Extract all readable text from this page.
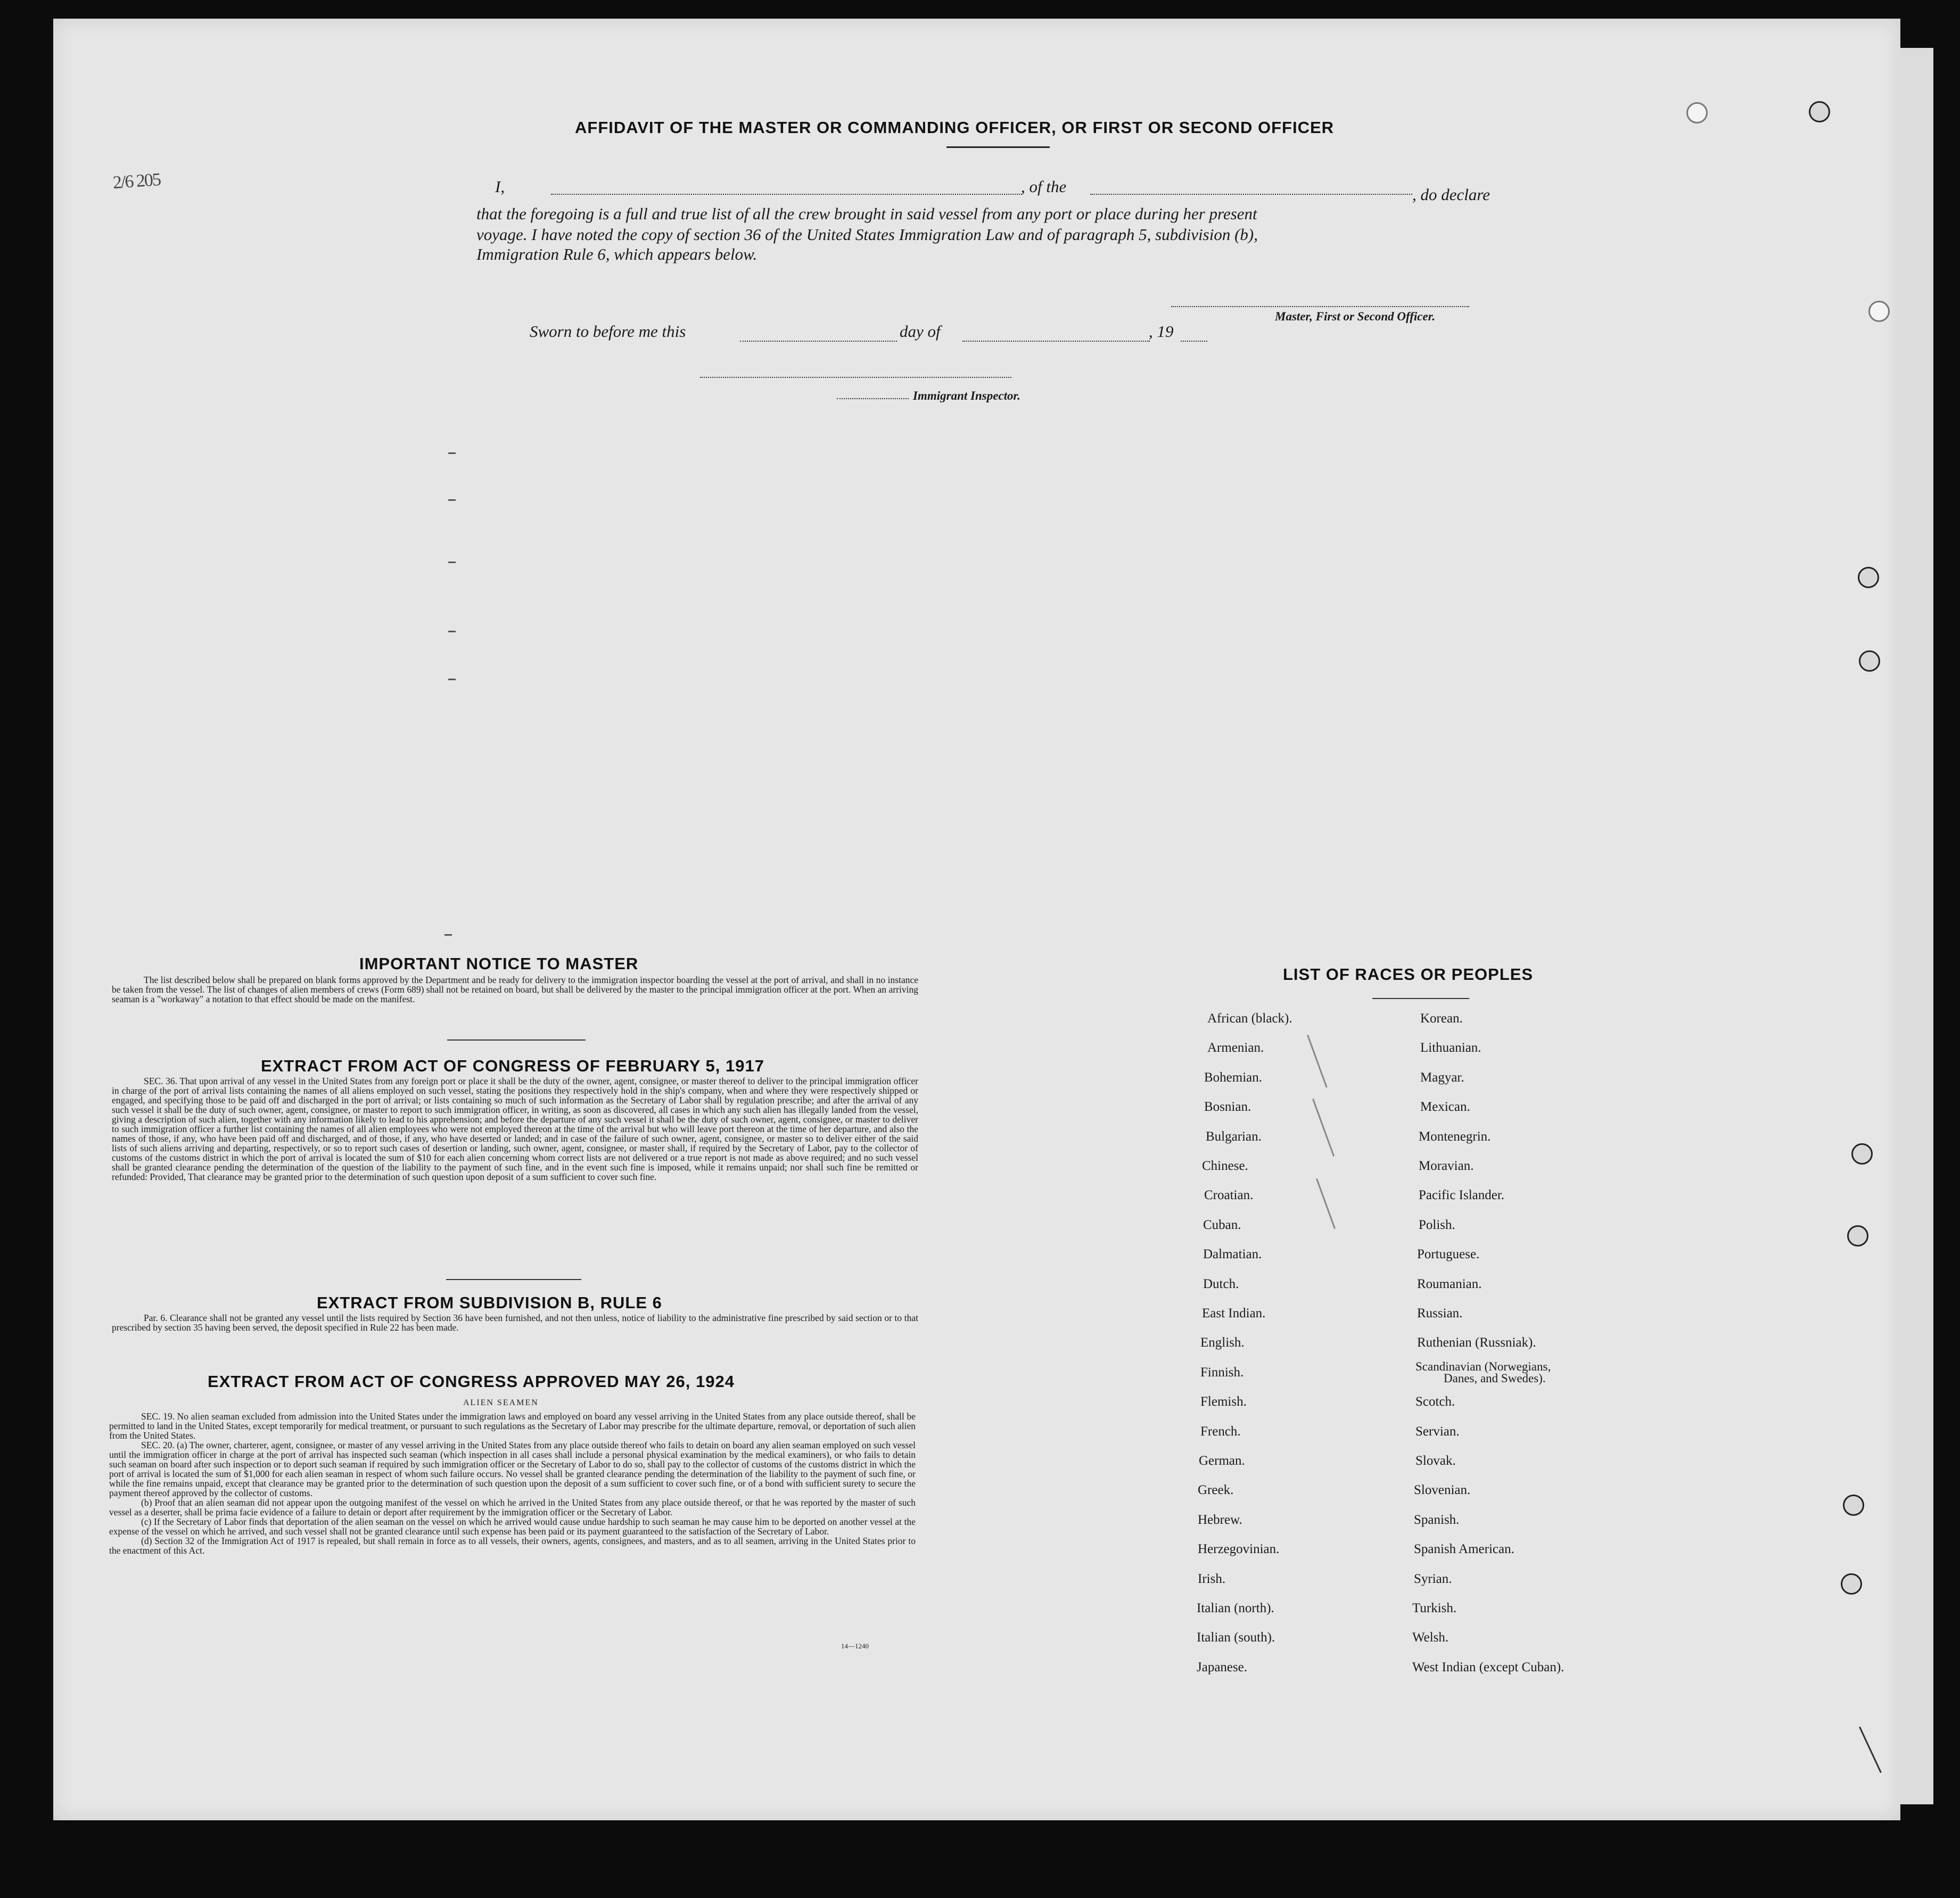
2/6 205
AFFIDAVIT OF THE MASTER OR COMMANDING OFFICER, OR FIRST OR SECOND OFFICER
I,	, of the	, do declare
that the foregoing is a full and true list of all the crew brought in said vessel from any port or place during her present
voyage. I have noted the copy of section 36 of the United States Immigration Law and of paragraph 5, subdivision (b),
Immigration Rule 6, which appears below.
Master, First or Second Officer.
Sworn to before me this	day of	, 19
Immigrant Inspector.
IMPORTANT NOTICE TO MASTER
The list described below shall be prepared on blank forms approved by the Department and be ready for delivery to the immigration inspector boarding the vessel at the port of arrival, and shall in no instance be taken from the vessel. The list of changes of alien members of crews (Form 689) shall not be retained on board, but shall be delivered by the master to the principal immigration officer at the port. When an arriving seaman is a "workaway" a notation to that effect should be made on the manifest.
EXTRACT FROM ACT OF CONGRESS OF FEBRUARY 5, 1917
SEC. 36. That upon arrival of any vessel in the United States from any foreign port or place it shall be the duty of the owner, agent, consignee, or master thereof to deliver to the principal immigration officer in charge of the port of arrival lists containing the names of all aliens employed on such vessel, stating the positions they respectively hold in the ship's company, when and where they were respectively shipped or engaged, and specifying those to be paid off and discharged in the port of arrival; or lists containing so much of such information as the Secretary of Labor shall by regulation prescribe; and after the arrival of any such vessel it shall be the duty of such owner, agent, consignee, or master to report to such immigration officer, in writing, as soon as discovered, all cases in which any such alien has illegally landed from the vessel, giving a description of such alien, together with any information likely to lead to his apprehension; and before the departure of any such vessel it shall be the duty of such owner, agent, consignee, or master to deliver to such immigration officer a further list containing the names of all alien employees who were not employed thereon at the time of the arrival but who will leave port thereon at the time of her departure, and also the names of those, if any, who have been paid off and discharged, and of those, if any, who have deserted or landed; and in case of the failure of such owner, agent, consignee, or master so to deliver either of the said lists of such aliens arriving and departing, respectively, or so to report such cases of desertion or landing, such owner, agent, consignee, or master shall, if required by the Secretary of Labor, pay to the collector of customs of the customs district in which the port of arrival is located the sum of $10 for each alien concerning whom correct lists are not delivered or a true report is not made as above required; and no such vessel shall be granted clearance pending the determination of the question of the liability to the payment of such fine, and in the event such fine is imposed, while it remains unpaid; nor shall such fine be remitted or refunded: Provided, That clearance may be granted prior to the determination of such question upon deposit of a sum sufficient to cover such fine.
EXTRACT FROM SUBDIVISION B, RULE 6
Par. 6. Clearance shall not be granted any vessel until the lists required by Section 36 have been furnished, and not then unless, notice of liability to the administrative fine prescribed by said section or to that prescribed by section 35 having been served, the deposit specified in Rule 22 has been made.
EXTRACT FROM ACT OF CONGRESS APPROVED MAY 26, 1924
ALIEN SEAMEN
SEC. 19. No alien seaman excluded from admission into the United States under the immigration laws and employed on board any vessel arriving in the United States from any place outside thereof, shall be permitted to land in the United States, except temporarily for medical treatment, or pursuant to such regulations as the Secretary of Labor may prescribe for the ultimate departure, removal, or deportation of such alien from the United States.
SEC. 20. (a) The owner, charterer, agent, consignee, or master of any vessel arriving in the United States from any place outside thereof who fails to detain on board any alien seaman employed on such vessel until the immigration officer in charge at the port of arrival has inspected such seaman (which inspection in all cases shall include a personal physical examination by the medical examiners), or who fails to detain such seaman on board after such inspection or to deport such seaman if required by such immigration officer or the Secretary of Labor to do so, shall pay to the collector of customs of the customs district in which the port of arrival is located the sum of $1,000 for each alien seaman in respect of whom such failure occurs. No vessel shall be granted clearance pending the determination of the liability to the payment of such fine, or while the fine remains unpaid, except that clearance may be granted prior to the determination of such question upon the deposit of a sum sufficient to cover such fine, or of a bond with sufficient surety to secure the payment thereof approved by the collector of customs.
(b) Proof that an alien seaman did not appear upon the outgoing manifest of the vessel on which he arrived in the United States from any place outside thereof, or that he was reported by the master of such vessel as a deserter, shall be prima facie evidence of a failure to detain or deport after requirement by the immigration officer or the Secretary of Labor.
(c) If the Secretary of Labor finds that deportation of the alien seaman on the vessel on which he arrived would cause undue hardship to such seaman he may cause him to be deported on another vessel at the expense of the vessel on which he arrived, and such vessel shall not be granted clearance until such expense has been paid or its payment guaranteed to the satisfaction of the Secretary of Labor.
(d) Section 32 of the Immigration Act of 1917 is repealed, but shall remain in force as to all vessels, their owners, agents, consignees, and masters, and as to all seamen, arriving in the United States prior to the enactment of this Act.
14—1240
LIST OF RACES OR PEOPLES
African (black).
Armenian.
Bohemian.
Bosnian.
Bulgarian.
Chinese.
Croatian.
Cuban.
Dalmatian.
Dutch.
East Indian.
English.
Finnish.
Flemish.
French.
German.
Greek.
Hebrew.
Herzegovinian.
Irish.
Italian (north).
Italian (south).
Japanese.
Korean.
Lithuanian.
Magyar.
Mexican.
Montenegrin.
Moravian.
Pacific Islander.
Polish.
Portuguese.
Roumanian.
Russian.
Ruthenian (Russniak).
Scandinavian (Norwegians,
Danes, and Swedes).
Scotch.
Servian.
Slovak.
Slovenian.
Spanish.
Spanish American.
Syrian.
Turkish.
Welsh.
West Indian (except Cuban).
